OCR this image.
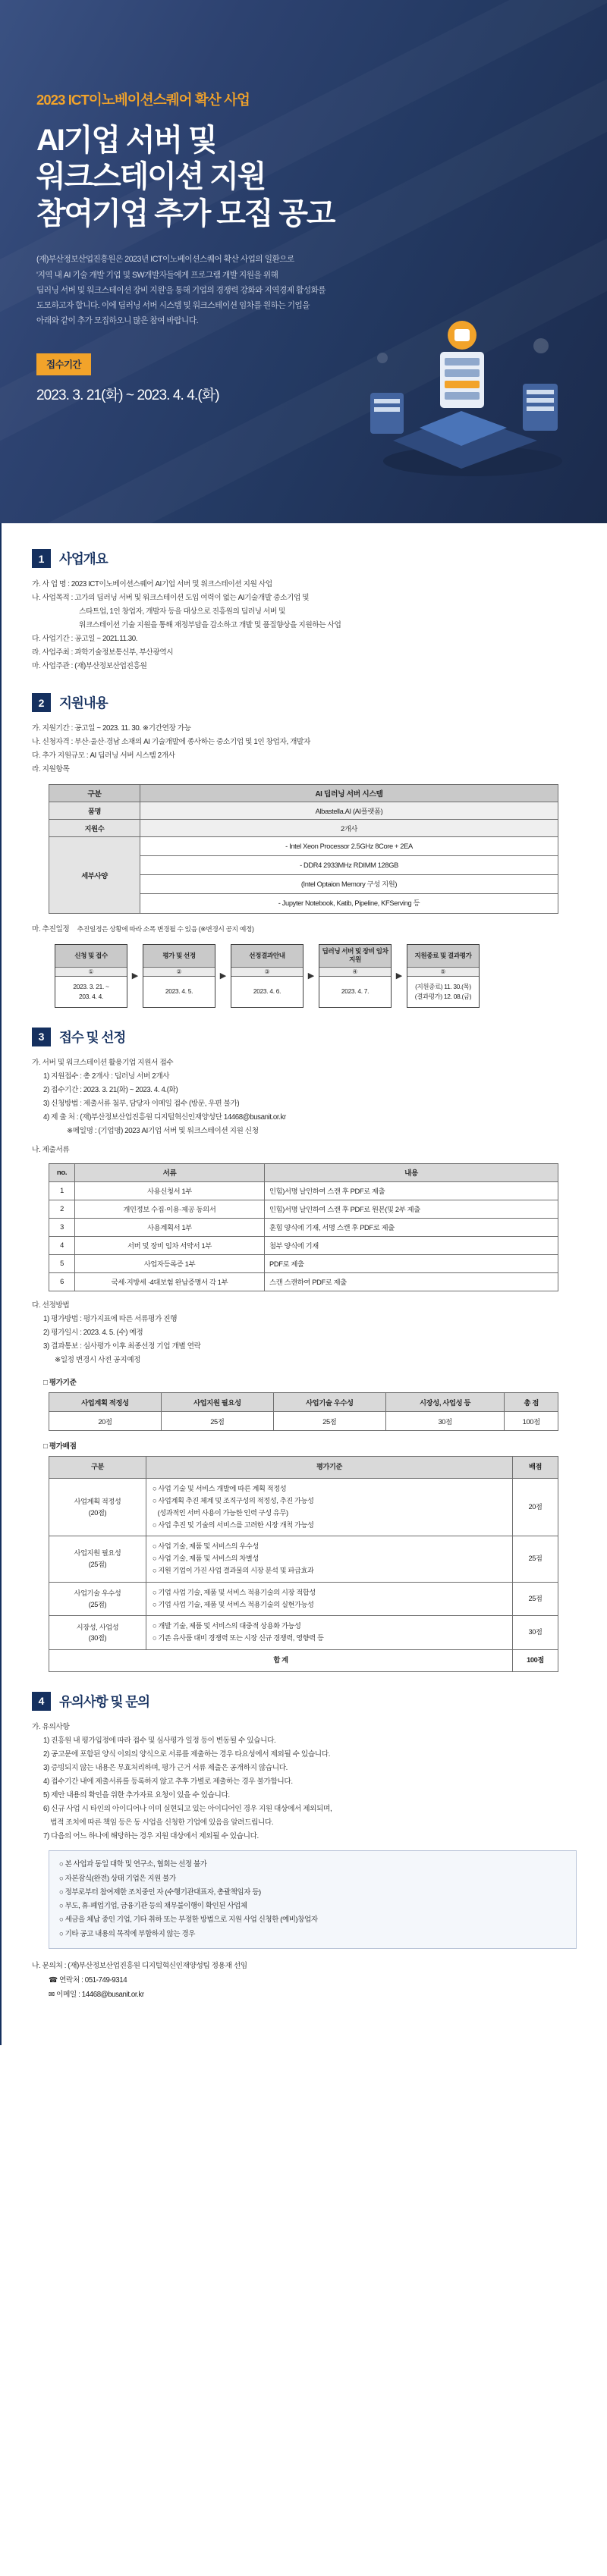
2023 ICT이노베이션스퀘어 확산 사업
AI기업 서버 및
워크스테이션 지원
참여기업 추가 모집 공고
(재)부산정보산업진흥원은 2023년 ICT이노베이션스퀘어 확산 사업의 일환으로
'지역 내 AI 기술 개발 기업 및 SW개발자들에게 프로그램 개발 지원을 위해
딥러닝 서버 및 워크스테이션 장비 지원'을 통해 기업의 경쟁력 강화와 지역경제 활성화를
도모하고자 합니다. 이에 딥러닝 서버 시스템 및 워크스테이션 임차를 원하는 기업을
아래와 같이 추가 모집하오니 많은 참여 바랍니다.
접수기간
2023. 3. 21(화) ~ 2023. 4. 4.(화)
1	사업개요
가. 사 업 명 : 2023 ICT이노베이션스퀘어 AI기업 서버 및 워크스테이션 지원 사업
나. 사업목적 : 고가의 딥러닝 서버 및 워크스테이션 도입 여력이 없는 AI기술개발 중소기업 및
스타트업, 1인 창업자, 개발자 등을 대상으로 진흥원의 딥러닝 서버 및
워크스테이션 기술 지원을 통해 재정부담을 감소하고 개발 및 품질향상을 지원하는 사업
다. 사업기간 : 공고일 ~ 2021.11.30.
라. 사업주최 : 과학기술정보통신부, 부산광역시
마. 사업주관 : (재)부산정보산업진흥원
2	지원내용
가. 지원기간 : 공고일 ~ 2023. 11. 30. ※기간연장 가능
나. 신청자격 : 부산·울산·경남 소재의 AI 기술개발에 종사하는 중소기업 및 1인 창업자, 개발자
다. 추가 지원규모 : AI 딥러닝 서버 시스템 2개사
라. 지원항목
구분	AI 딥러닝 서버 시스템
품명	Albastella.AI (AI플랫폼)
지원수	2개사
세부사양	- Intel Xeon Processor 2.5GHz 8Core + 2EA
	- DDR4 2933MHz RDIMM 128GB
	(Intel Optaion Memory 구성 지원)
	- Jupyter Notebook, Katib, Pipeline, KFServing 등
마. 추진일정 추진일정은 상황에 따라 소폭 변경될 수 있음 (※변경시 공지 예정)
신청 및 접수
①
2023. 3. 21. ~
203. 4. 4.
▶
평가 및 선정
②
2023. 4. 5.
▶
선정결과안내
③
2023. 4. 6.
▶
딥러닝 서버 및 장비 임차지원
④
2023. 4. 7.
▶
지원종료 및 결과평가
⑤
(지원종료) 11. 30.(목)
(결과평가) 12. 08.(금)
3	접수 및 선정
가. 서버 및 워크스테이션 활용기업 지원서 접수
1) 지원접수 : 총 2개사 : 딥러닝 서버 2개사
2) 접수기간 : 2023. 3. 21(화) ~ 2023. 4. 4.(화)
3) 신청방법 : 제출서류 첨부, 담당자 이메일 접수 (방문, 우편 불가)
4) 제 출 처 : (재)부산정보산업진흥원 디지털혁신인재양성단 14468@busanit.or.kr
※메일명 : (기업명) 2023 AI기업 서버 및 워크스테이션 지원 신청
나. 제출서류
no.	서류	내용
1	사용신청서 1부	인힘)서명 날인하여 스캔 후 PDF로 제출
2	개인정보 수집·이용·제공 동의서	인힘)서명 날인하여 스캔 후 PDF로 원본(및 2부 제출
3	사용계획서 1부	훈힘 양식에 기재, 서명 스캔 후 PDF로 제출
4	서버 및 장비 임차 서약서 1부	첨부 양식에 기재
5	사업자등록증 1부	PDF로 제출
6	국세·지방세 ·4대보험 완납증명서 각 1부	스캔 스캔하여 PDF로 제출
다. 선정방법
1) 평가방법 : 평가지표에 따른 서류평가 진행
2) 평가일시 : 2023. 4. 5. (수) 예정
3) 결과통보 : 심사평가 이후 최종선정 기업 개별 연락
※일정 변경시 사전 공지예정
□ 평가기준
사업계획 적정성	사업지원 필요성	사업기술 우수성	시장성, 사업성 등	총 점
20점	25점	25점	30점	100점
□ 평가배점
구분	평가기준	배점

사업계획 적정성
(20점)

○ 사업 기술 및 서비스 개발에 따른 계획 적정성
○ 사업계획 추진 체계 및 조직구성의 적정성, 추진 가능성
(성과적인 서버 사용이 가능한 인력 구성 유무)
○ 사업 추진 및 기술의 서비스를 고려한 시장 개척 가능성
	20점

사업지원 필요성
(25점)

○ 사업 기술, 제품 및 서비스의 우수성
○ 사업 기술, 제품 및 서비스의 차별성
○ 지원 기업이 가진 사업 결과물의 시장 분석 및 파급효과
	25점

사업기술 우수성
(25점)

○ 기업 사업 기술, 제품 및 서비스 적용기술의 시장 적합성
○ 기업 사업 기술, 제품 및 서비스 적용기술의 실현가능성
	25점

시장성, 사업성
(30점)

○ 개발 기술, 제품 및 서비스의 대중적 상용화 가능성
○ 기존 유사품 대비 경쟁력 또는 시장 신규 경쟁력, 영향력 등
	30점
합 계		100점
4	유의사항 및 문의
가. 유의사항
1) 진흥원 내 평가입정에 따라 접수 및 심사평가 일정 등이 변동될 수 있습니다.
2) 공고문에 포함된 양식 이외의 양식으로 서류를 제출하는 경우 타요성에서 제외될 수 있습니다.
3) 증빙되지 않는 내용은 무효처리하며, 평가 근거 서류 제출은 공개하지 않습니다.
4) 접수기간 내에 제출서류를 등록하지 않고 추후 가별로 제출하는 경우 불가합니다.
5) 제안 내용의 확인을 위한 추가자료 요청이 있을 수 있습니다.
6) 신규 사업 시 타인의 아이디어나 이미 실현되고 있는 아이디어인 경우 지원 대상에서 제외되며,
법적 조치에 따른 책임 등은 동 시업을 신청한 기업에 있음을 알려드립니다.
7) 다음의 어느 하나에 해당하는 경우 지원 대상에서 제외될 수 있습니다.
○ 본 사업과 동일 대학 및 연구소, 협회는 선정 불가
○ 자본잠식(완전) 상태 기업은 지원 불가
○ 정부로부터 참여제한 조치중인 자 (수행기관대표자, 총괄책임자 등)
○ 부도, 휴·폐업기업, 금융기관 등의 채무불이행이 확인된 사업체
○ 세금을 체납 중인 기업, 기타 취하 또는 부정한 방법으로 지원 사업 신청한 (예비)창업자
○ 기타 공고 내용의 목적에 부합하지 않는 경우
나. 문의처 : (재)부산정보산업진흥원 디지털혁신인재양성팀 정용재 선임
☎ 연락처 : 051-749-9314
✉ 이메일 : 14468@busanit.or.kr
